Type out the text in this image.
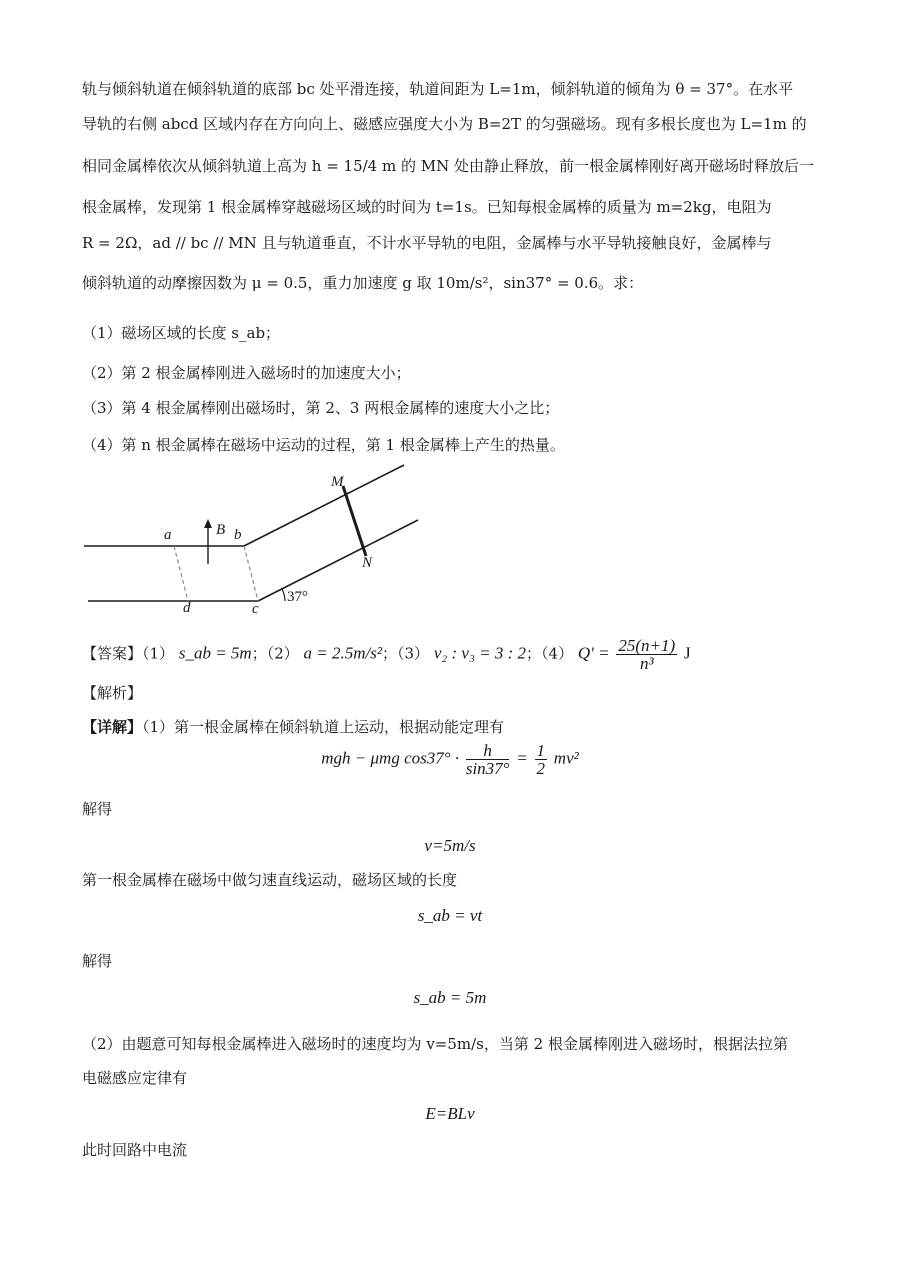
轨与倾斜轨道在倾斜轨道的底部 bc 处平滑连接，轨道间距为 L=1m，倾斜轨道的倾角为 θ = 37°。在水平
导轨的右侧 abcd 区域内存在方向向上、磁感应强度大小为 B=2T 的匀强磁场。现有多根长度也为 L=1m 的
相同金属棒依次从倾斜轨道上高为 h = 15/4 m 的 MN 处由静止释放，前一根金属棒刚好离开磁场时释放后一
根金属棒，发现第 1 根金属棒穿越磁场区域的时间为 t=1s。已知每根金属棒的质量为 m=2kg，电阻为
R = 2Ω，ad // bc // MN 且与轨道垂直，不计水平导轨的电阻，金属棒与水平导轨接触良好，金属棒与
倾斜轨道的动摩擦因数为 μ = 0.5，重力加速度 g 取 10m/s²，sin37° = 0.6。求：
（1）磁场区域的长度 s_ab；
（2）第 2 根金属棒刚进入磁场时的加速度大小；
（3）第 4 根金属棒刚出磁场时，第 2、3 两根金属棒的速度大小之比；
（4）第 n 根金属棒在磁场中运动的过程，第 1 根金属棒上产生的热量。
M
N
a	b
B
d	c
37°
【答案】（1） s_ab = 5m；（2） a = 2.5m/s²；（3） v₂ : v₃ = 3 : 2；（4） $Q' = \frac{25(n+1)}{\text{n³}}$ J
【解析】
【详解】（1）第一根金属棒在倾斜轨道上运动，根据动能定理有
mgh − μmg $\cos 37^\circ \cdot \frac{h}{\sin 37^\circ} = \frac{1}{2} mv^2$
解得
v=5m/s
第一根金属棒在磁场中做匀速直线运动，磁场区域的长度
s_ab = vt
解得
s_ab = 5m
（2）由题意可知每根金属棒进入磁场时的速度均为 v=5m/s，当第 2 根金属棒刚进入磁场时，根据法拉第
电磁感应定律有
E=BLv
此时回路中电流
